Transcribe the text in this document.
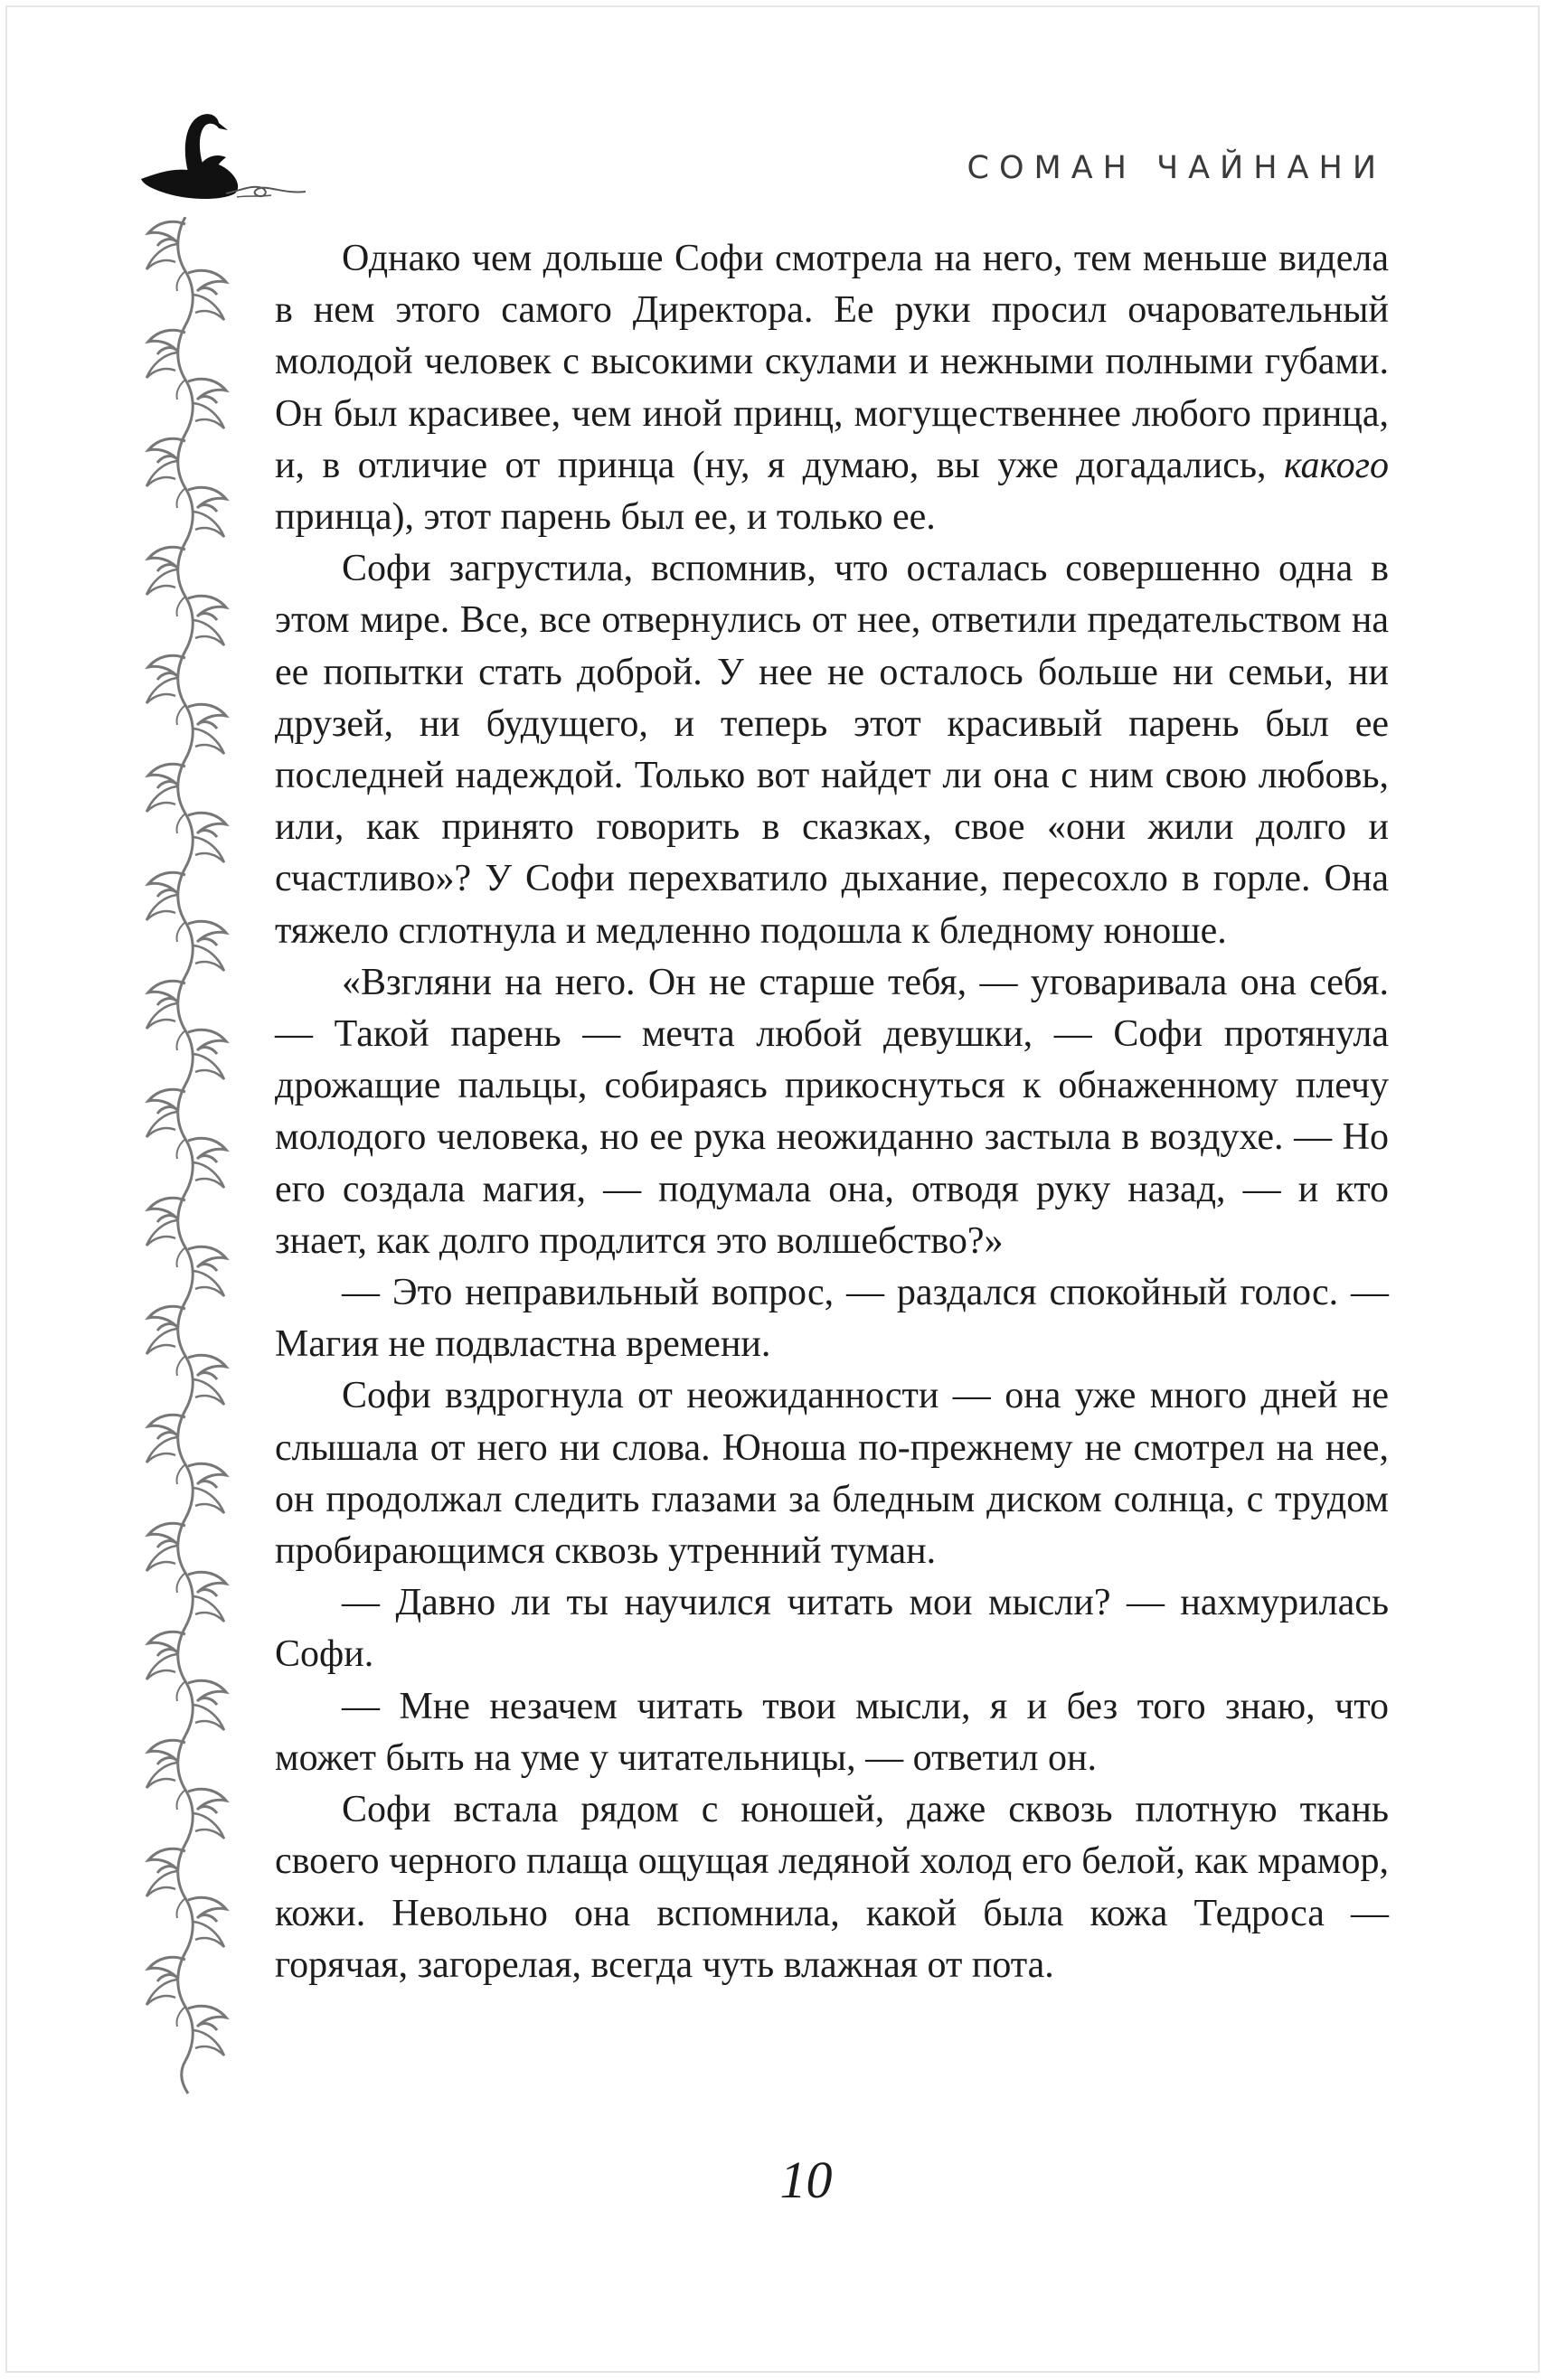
СОМАН ЧАЙНАНИ

Однако чем дольше Софи смотрела на него, тем меньше видела в нем этого самого Директора. Ее руки просил очаровательный молодой человек с высокими скулами и нежными полными губами. Он был красивее, чем иной принц, могущественнее любого принца, и, в отличие от принца (ну, я думаю, вы уже догадались, какого принца), этот парень был ее, и только ее.

Софи загрустила, вспомнив, что осталась совершенно одна в этом мире. Все, все отвернулись от нее, ответили предательством на ее попытки стать доброй. У нее не осталось больше ни семьи, ни друзей, ни будущего, и теперь этот красивый парень был ее последней надеждой. Только вот найдет ли она с ним свою любовь, или, как принято говорить в сказках, свое «они жили долго и счастливо»? У Софи перехватило дыхание, пересохло в горле. Она тяжело сглотнула и медленно подошла к бледному юноше.

«Взгляни на него. Он не старше тебя, — уговаривала она себя. — Такой парень — мечта любой девушки, — Софи протянула дрожащие пальцы, собираясь прикоснуться к обнаженному плечу молодого человека, но ее рука неожиданно застыла в воздухе. — Но его создала магия, — подумала она, отводя руку назад, — и кто знает, как долго продлится это волшебство?»

— Это неправильный вопрос, — раздался спокойный голос. — Магия не подвластна времени.

Софи вздрогнула от неожиданности — она уже много дней не слышала от него ни слова. Юноша по-прежнему не смотрел на нее, он продолжал следить глазами за бледным диском солнца, с трудом пробирающимся сквозь утренний туман.

— Давно ли ты научился читать мои мысли? — нахмурилась Софи.

— Мне незачем читать твои мысли, я и без того знаю, что может быть на уме у читательницы, — ответил он.

Софи встала рядом с юношей, даже сквозь плотную ткань своего черного плаща ощущая ледяной холод его белой, как мрамор, кожи. Невольно она вспомнила, какой была кожа Тедроса — горячая, загорелая, всегда чуть влажная от пота.

10
